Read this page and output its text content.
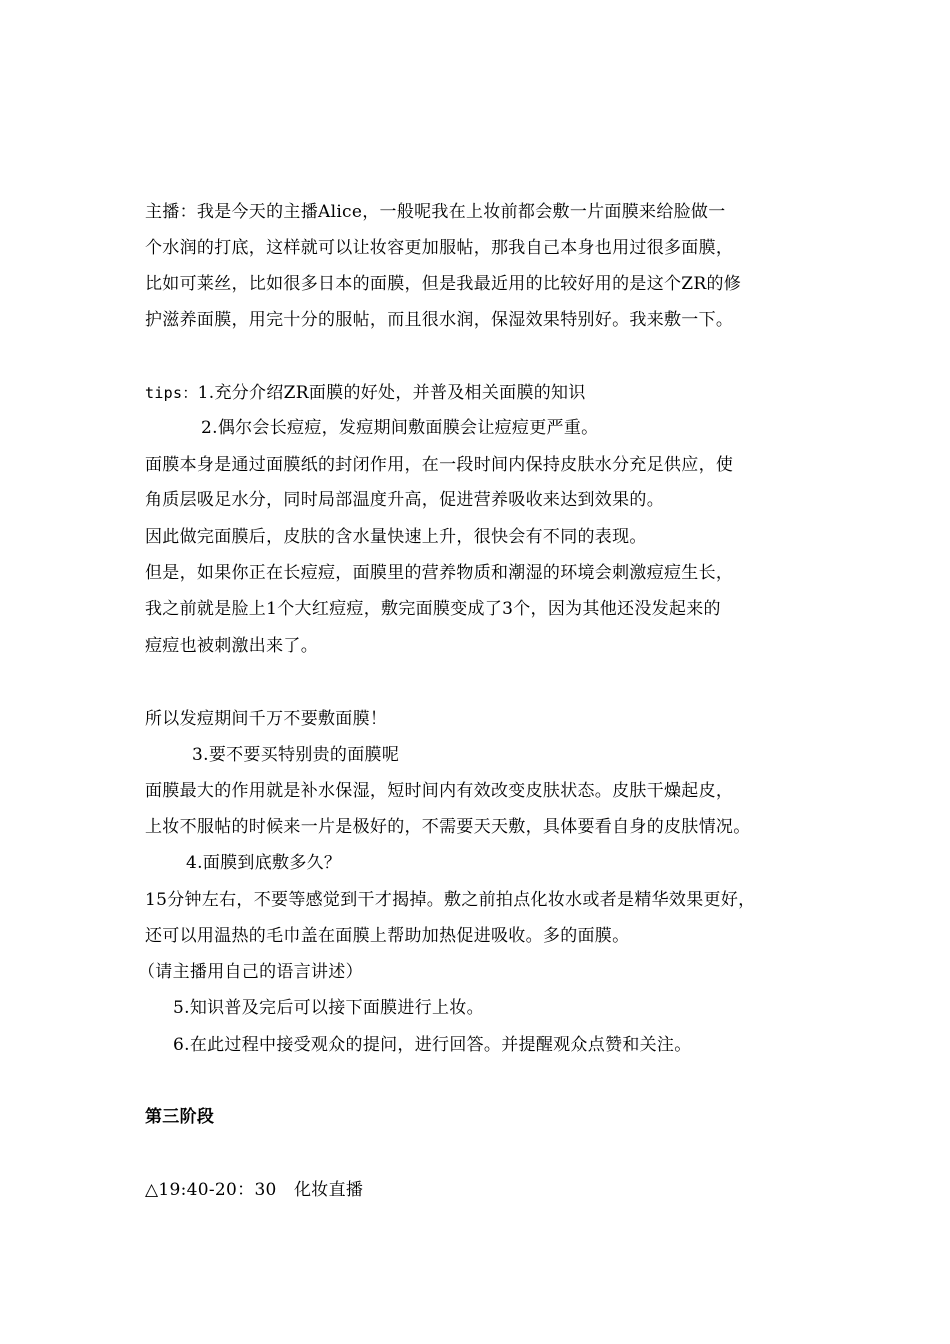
主播：我是今天的主播Alice，一般呢我在上妆前都会敷一片面膜来给脸做一
个水润的打底，这样就可以让妆容更加服帖，那我自己本身也用过很多面膜，
比如可莱丝，比如很多日本的面膜，但是我最近用的比较好用的是这个ZR的修
护滋养面膜，用完十分的服帖，而且很水润，保湿效果特别好。我来敷一下。
tips：1.充分介绍ZR面膜的好处，并普及相关面膜的知识
2.偶尔会长痘痘，发痘期间敷面膜会让痘痘更严重。
面膜本身是通过面膜纸的封闭作用，在一段时间内保持皮肤水分充足供应，使
角质层吸足水分，同时局部温度升高，促进营养吸收来达到效果的。
因此做完面膜后，皮肤的含水量快速上升，很快会有不同的表现。
但是，如果你正在长痘痘，面膜里的营养物质和潮湿的环境会刺激痘痘生长，
我之前就是脸上1个大红痘痘，敷完面膜变成了3个，因为其他还没发起来的
痘痘也被刺激出来了。
所以发痘期间千万不要敷面膜！
3.要不要买特别贵的面膜呢
面膜最大的作用就是补水保湿，短时间内有效改变皮肤状态。皮肤干燥起皮，
上妆不服帖的时候来一片是极好的，不需要天天敷，具体要看自身的皮肤情况。
4.面膜到底敷多久？
15分钟左右，不要等感觉到干才揭掉。敷之前拍点化妆水或者是精华效果更好，
还可以用温热的毛巾盖在面膜上帮助加热促进吸收。多的面膜。
（请主播用自己的语言讲述）
5.知识普及完后可以接下面膜进行上妆。
6.在此过程中接受观众的提问，进行回答。并提醒观众点赞和关注。
第三阶段
△19:40-20：30　化妆直播
